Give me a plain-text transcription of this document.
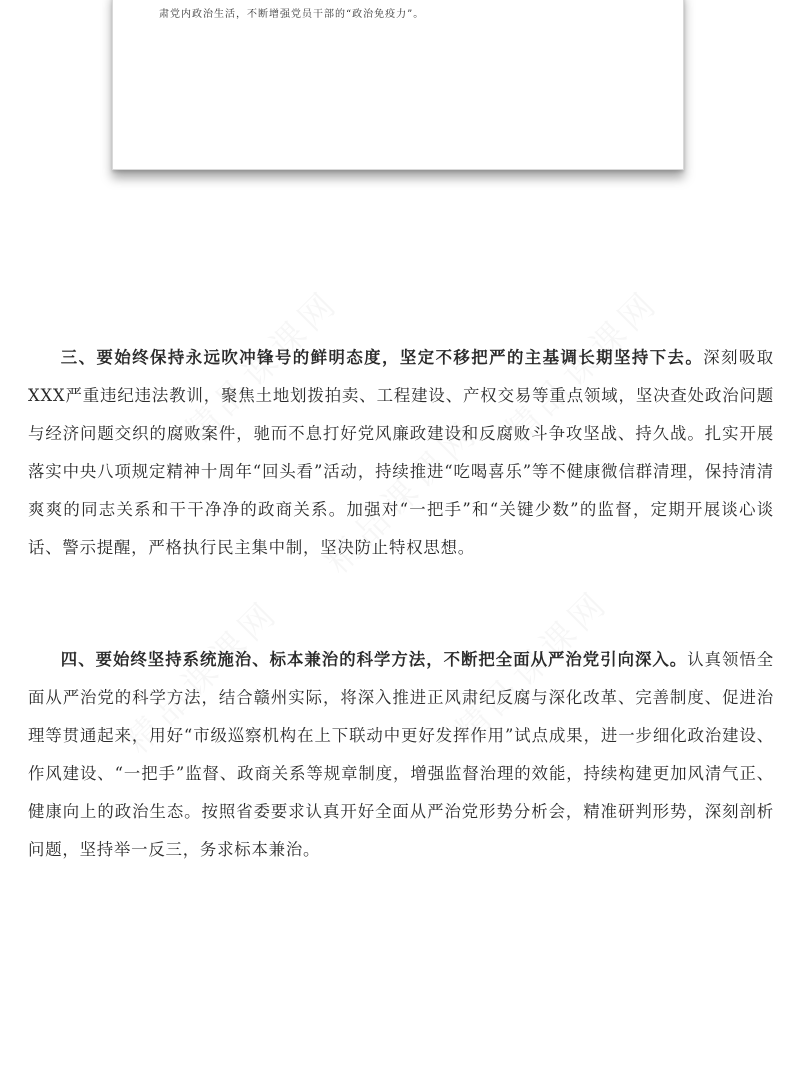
肃党内政治生活，不断增强党员干部的“政治免疫力”。

三、要始终保持永远吹冲锋号的鲜明态度，坚定不移把严的主基调长期坚持下去。深刻吸取XXX严重违纪违法教训，聚焦土地划拨拍卖、工程建设、产权交易等重点领域，坚决查处政治问题与经济问题交织的腐败案件，驰而不息打好党风廉政建设和反腐败斗争攻坚战、持久战。扎实开展落实中央八项规定精神十周年“回头看”活动，持续推进“吃喝喜乐”等不健康微信群清理，保持清清爽爽的同志关系和干干净净的政商关系。加强对“一把手”和“关键少数”的监督，定期开展谈心谈话、警示提醒，严格执行民主集中制，坚决防止特权思想。

四、要始终坚持系统施治、标本兼治的科学方法，不断把全面从严治党引向深入。认真领悟全面从严治党的科学方法，结合赣州实际，将深入推进正风肃纪反腐与深化改革、完善制度、促进治理等贯通起来，用好“市级巡察机构在上下联动中更好发挥作用”试点成果，进一步细化政治建设、作风建设、“一把手”监督、政商关系等规章制度，增强监督治理的效能，持续构建更加风清气正、健康向上的政治生态。按照省委要求认真开好全面从严治党形势分析会，精准研判形势，深刻剖析问题，坚持举一反三，务求标本兼治。
